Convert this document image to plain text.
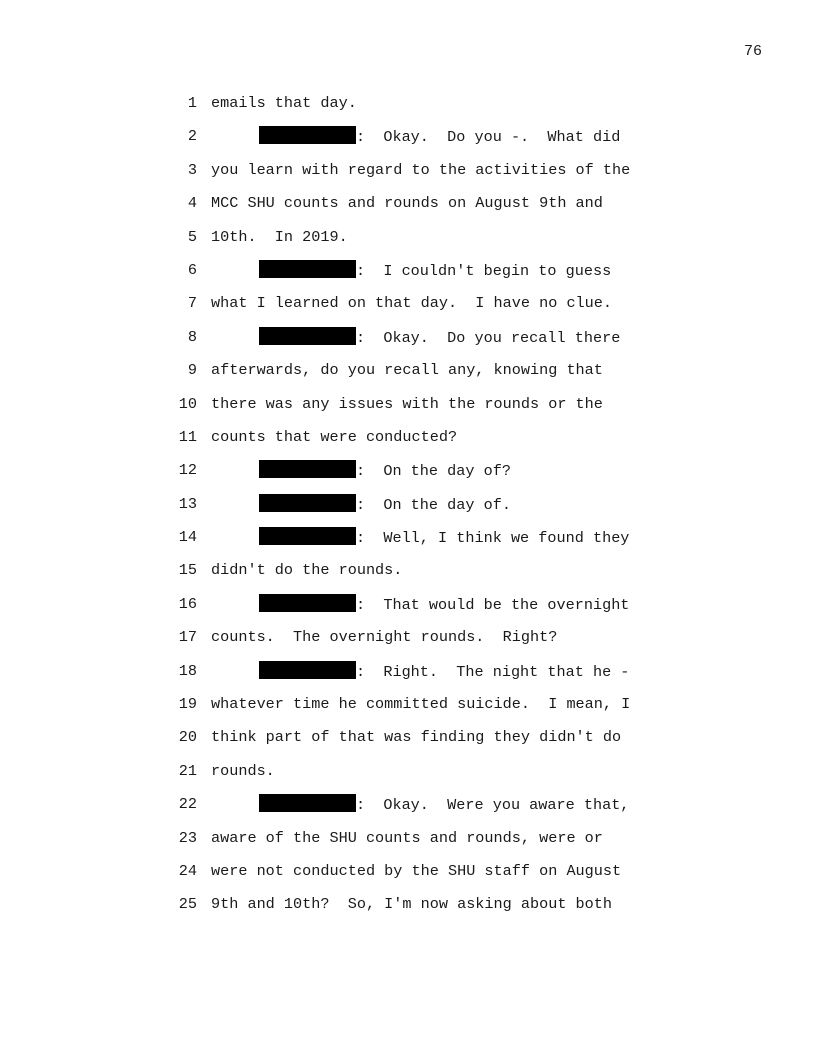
76
1 emails that day.
2	:  Okay.  Do you -.  What did
3 you learn with regard to the activities of the
4 MCC SHU counts and rounds on August 9th and
5 10th.  In 2019.
6	:  I couldn't begin to guess
7 what I learned on that day.  I have no clue.
8	:  Okay.  Do you recall there
9 afterwards, do you recall any, knowing that
10 there was any issues with the rounds or the
11 counts that were conducted?
12	:  On the day of?
13	:  On the day of.
14	:  Well, I think we found they
15 didn't do the rounds.
16	:  That would be the overnight
17 counts.  The overnight rounds.  Right?
18	:  Right.  The night that he -
19 whatever time he committed suicide.  I mean, I
20 think part of that was finding they didn't do
21 rounds.
22	:  Okay.  Were you aware that,
23 aware of the SHU counts and rounds, were or
24 were not conducted by the SHU staff on August
25 9th and 10th?  So, I'm now asking about both
